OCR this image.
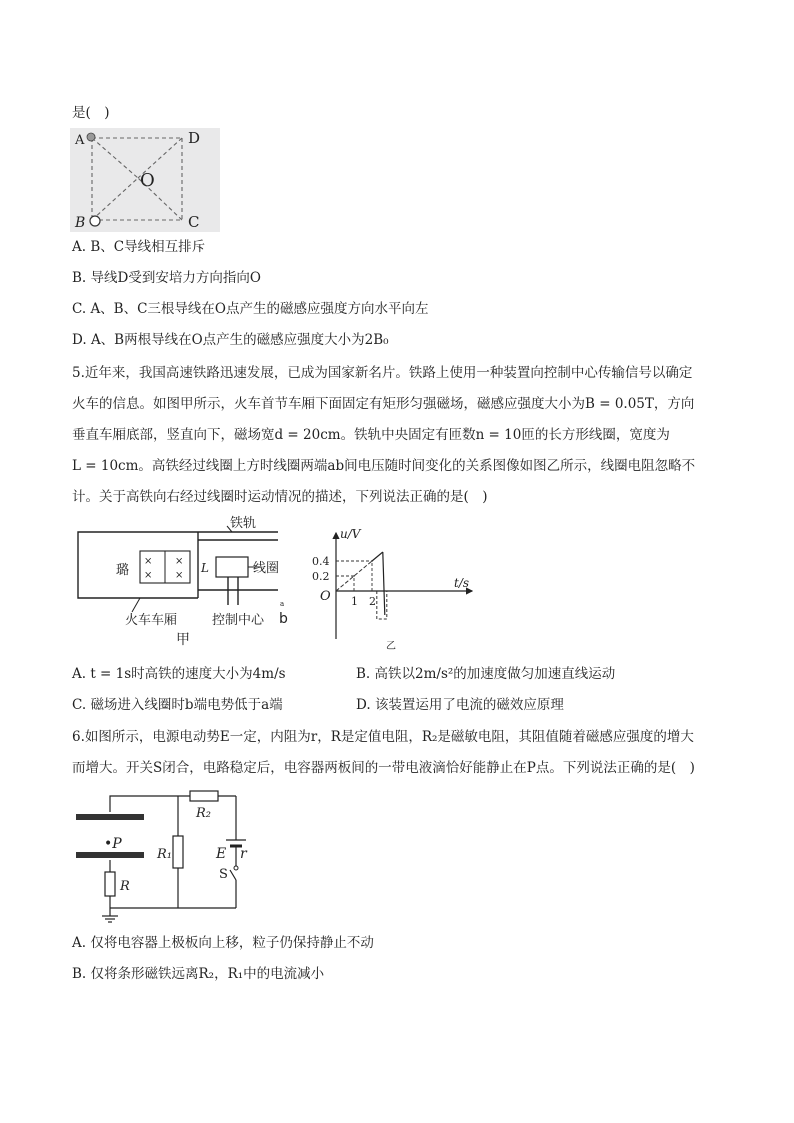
是(　)
A	D
O
B	C
A. B、C导线相互排斥
B. 导线D受到安培力方向指向O
C. A、B、C三根导线在O点产生的磁感应强度方向水平向左
D. A、B两根导线在O点产生的磁感应强度大小为2B₀
5.近年来，我国高速铁路迅速发展，已成为国家新名片。铁路上使用一种装置向控制中心传输信号以确定
火车的信息。如图甲所示，火车首节车厢下面固定有矩形匀强磁场，磁感应强度大小为B = 0.05T，方向
垂直车厢底部，竖直向下，磁场宽d = 20cm。铁轨中央固定有匝数n = 10匝的长方形线圈，宽度为
L = 10cm。高铁经过线圈上方时线圈两端ab间电压随时间变化的关系图像如图乙所示，线圈电阻忽略不
计。关于高铁向右经过线圈时运动情况的描述，下列说法正确的是(　)
× ×
× ×
铁轨
璐	L	线圈
火车车厢
a
控制中心 b
甲
u/V
t/s
O
0.2
0.4
1 2
乙
A. t = 1s时高铁的速度大小为4m/s	B. 高铁以2m/s²的加速度做匀加速直线运动
C. 磁场进入线圈时b端电势低于a端	D. 该装置运用了电流的磁效应原理
6.如图所示，电源电动势E一定，内阻为r，R是定值电阻，R₂是磁敏电阻，其阻值随着磁感应强度的增大
而增大。开关S闭合，电路稳定后，电容器两板间的一带电液滴恰好能静止在P点。下列说法正确的是(　)
R₂
R₁	E r
S
•P
R
A. 仅将电容器上极板向上移，粒子仍保持静止不动
B. 仅将条形磁铁远离R₂，R₁中的电流减小
